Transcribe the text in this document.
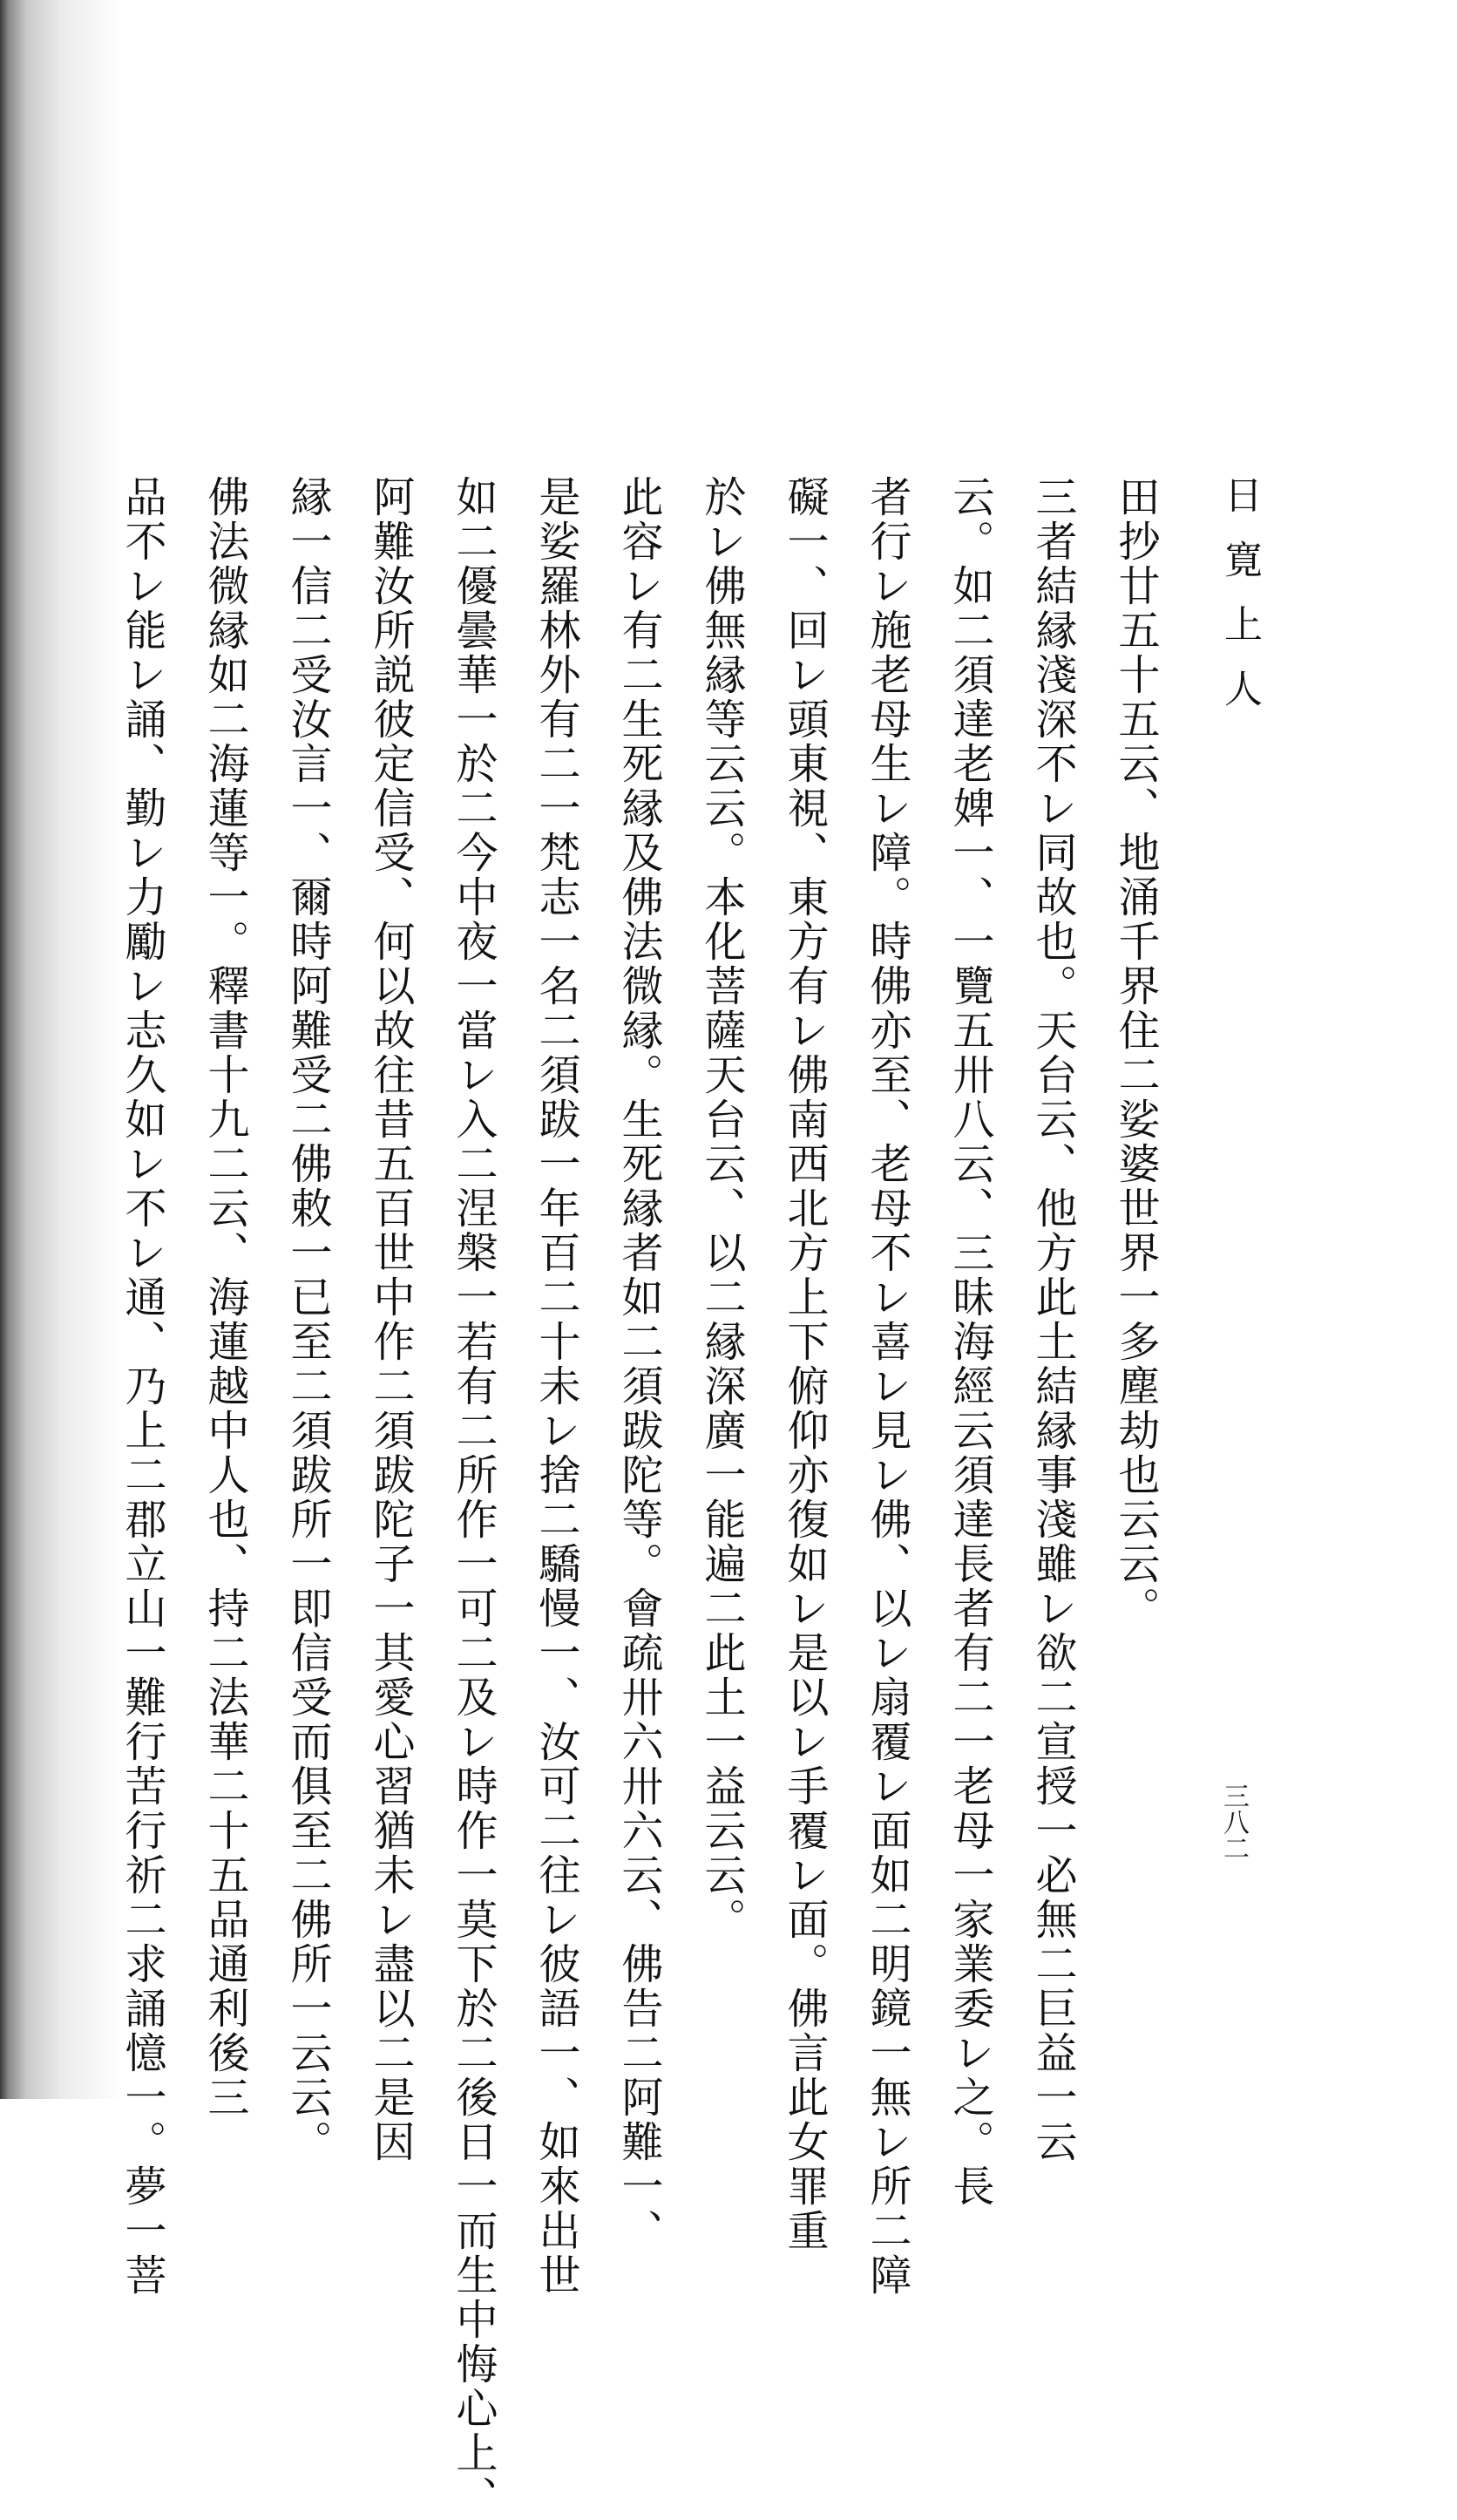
日寛上人
三八二
田抄廿五十五云、地涌千界住二娑婆世界一多塵劫也云云。
三者結縁淺深不レ同故也。天台云、他方此土結縁事淺雖レ欲二宣授一必無二巨益一云
云。如二須達老婢一、一覽五卅八云、三昧海經云須達長者有二一老母一家業委レ之。長
者行レ施老母生レ障。時佛亦至、老母不レ喜レ見レ佛、以レ扇覆レ面如二明鏡一無レ所二障
礙一、回レ頭東視、東方有レ佛南西北方上下俯仰亦復如レ是以レ手覆レ面。佛言此女罪重
於レ佛無縁等云云。本化菩薩天台云、以二縁深廣一能遍二此土一益云云。
此容レ有二生死縁及佛法微縁。生死縁者如二須跋陀等。會疏卅六卅六云、佛告二阿難一、
是娑羅林外有二一梵志一名二須跋一年百二十未レ捨二驕慢一、汝可二往レ彼語一、如來出世
如二優曇華一於二今中夜一當レ入二涅槃一若有二所作一可二及レ時作一莫下於二後日一而生中悔心上、
阿難汝所説彼定信受、何以故往昔五百世中作二須跋陀子一其愛心習猶未レ盡以二是因
縁一信二受汝言一、爾時阿難受二佛敕一已至二須跋所一即信受而俱至二佛所一云云。
佛法微縁如二海蓮等一。釋書十九二云、海蓮越中人也、持二法華二十五品通利後三
品不レ能レ誦、勤レ力勵レ志久如レ不レ通、乃上二郡立山一難行苦行祈二求誦憶一。夢一菩
